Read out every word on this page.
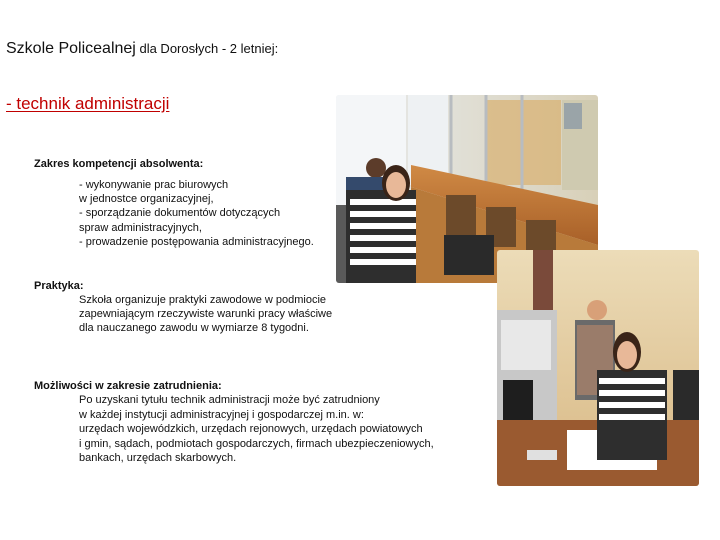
Szkole Policealnej dla Dorosłych - 2 letniej:
- technik administracji
Zakres kompetencji absolwenta:
- wykonywanie prac biurowych
w jednostce organizacyjnej,
- sporządzanie dokumentów dotyczących
spraw administracyjnych,
- prowadzenie postępowania administracyjnego.
Praktyka:
Szkoła organizuje praktyki zawodowe w podmiocie
zapewniającym rzeczywiste warunki pracy właściwe
dla nauczanego zawodu w wymiarze 8 tygodni.
Możliwości w zakresie zatrudnienia:
Po uzyskani tytułu technik administracji może być zatrudniony
w każdej instytucji administracyjnej i gospodarczej m.in. w:
urzędach wojewódzkich, urzędach rejonowych, urzędach powiatowych
i gmin, sądach, podmiotach gospodarczych, firmach ubezpieczeniowych,
bankach, urzędach skarbowych.
